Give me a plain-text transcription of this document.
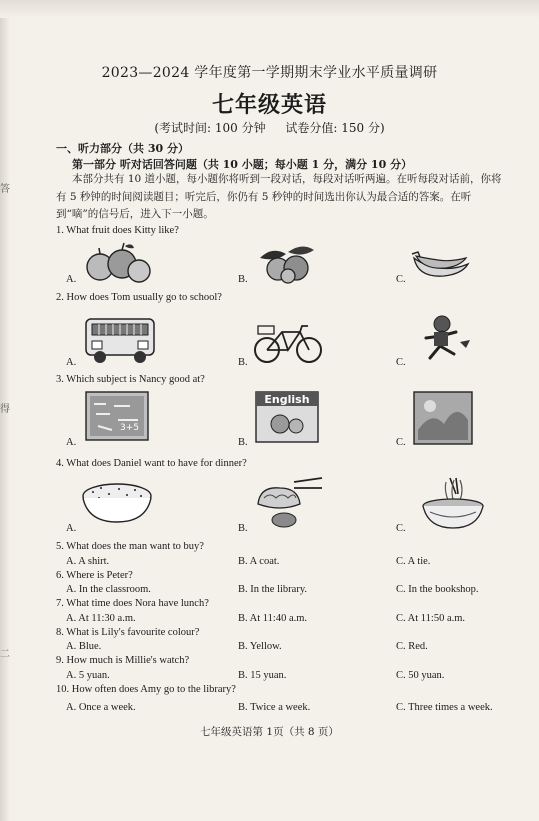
2023—2024 学年度第一学期期末学业水平质量调研
七年级英语
(考试时间: 100 分钟 试卷分值: 150 分)
一、听力部分（共 30 分）
第一部分 听对话回答问题（共 10 小题；每小题 1 分，满分 10 分）
本部分共有 10 道小题，每小题你将听到一段对话，每段对话听两遍。在听每段对话前，你将有 5 秒钟的时间阅读题目；听完后，你仍有 5 秒钟的时间选出你认为最合适的答案。在听到“嘀”的信号后，进入下一小题。
1. What fruit does Kitty like?
A.	B.	C.
2. How does Tom usually go to school?
A.	B.	C.
3. Which subject is Nancy good at?
A.	B.	C.
3+5
English
4. What does Daniel want to have for dinner?
A.	B.	C.
5. What does the man want to buy?
A. A shirt.	B. A coat.	C. A tie.
6. Where is Peter?
A. In the classroom.	B. In the library.	C. In the bookshop.
7. What time does Nora have lunch?
A. At 11:30 a.m.	B. At 11:40 a.m.	C. At 11:50 a.m.
8. What is Lily's favourite colour?
A. Blue.	B. Yellow.	C. Red.
9. How much is Millie's watch?
A. 5 yuan.	B. 15 yuan.	C. 50 yuan.
10. How often does Amy go to the library?
A. Once a week.	B. Twice a week.	C. Three times a week.
七年级英语第 1页（共 8 页）
答
得
二
